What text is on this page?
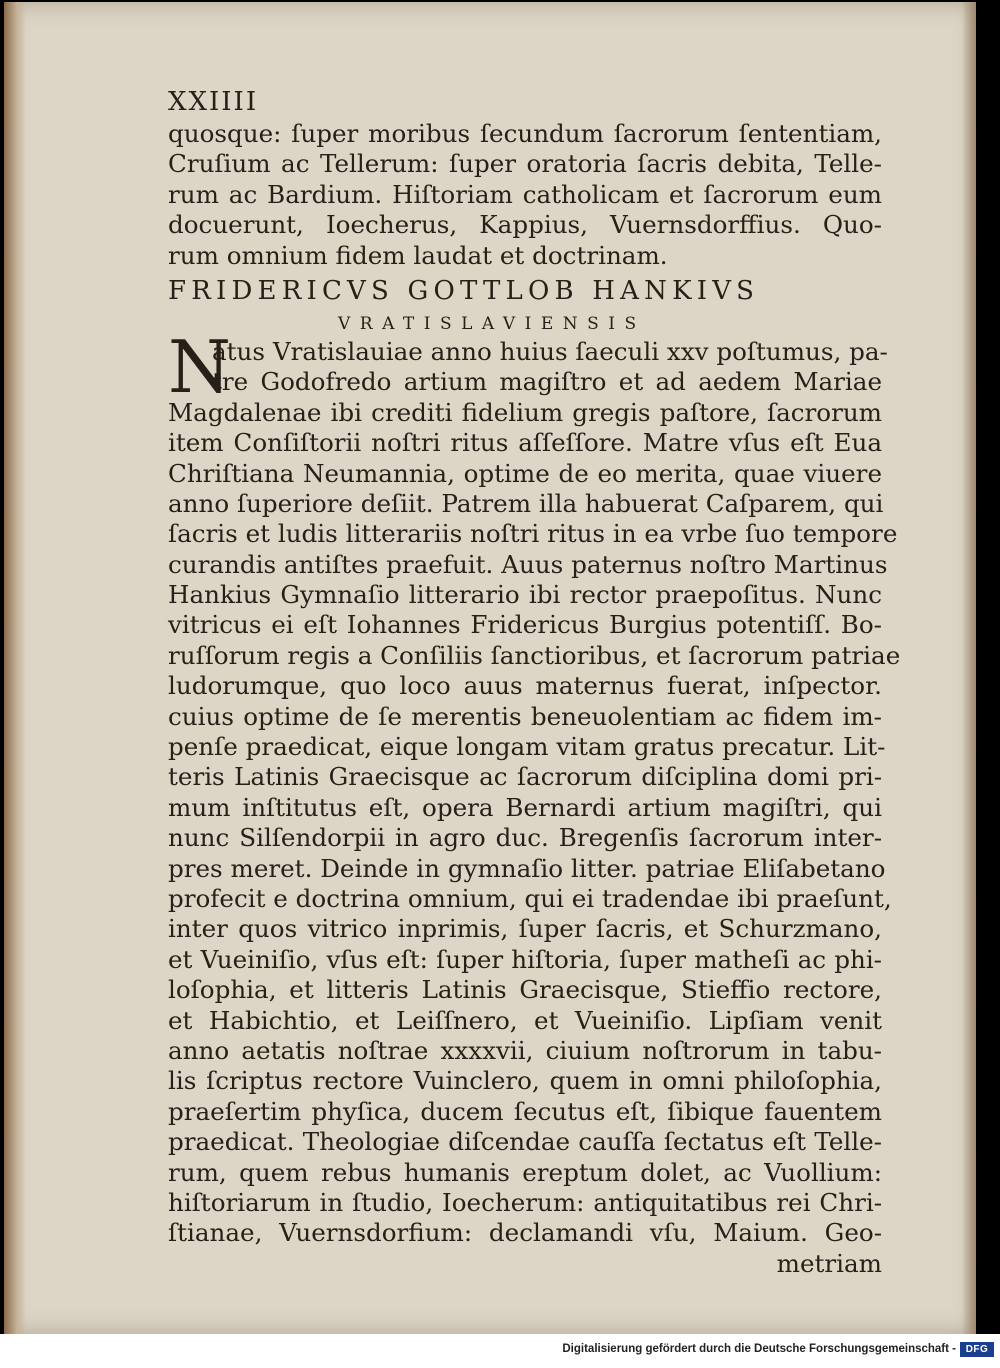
XXIIII
quosque: ſuper moribus ſecundum ſacrorum ſententiam,
Cruſium ac Tellerum: ſuper oratoria ſacris debita, Telle-
rum ac Bardium. Hiſtoriam catholicam et ſacrorum eum
docuerunt, Ioecherus, Kappius, Vuernsdorffius. Quo-
rum omnium fidem laudat et doctrinam.
FRIDERICVS GOTTLOB HANKIVS
VRATISLAVIENSIS
N
atus Vratislauiae anno huius ſaeculi xxv poſtumus, pa-
tre Godofredo artium magiſtro et ad aedem Mariae
Magdalenae ibi crediti fidelium gregis paſtore, ſacrorum
item Conſiſtorii noſtri ritus aſſeſſore. Matre vſus eſt Eua
Chriſtiana Neumannia, optime de eo merita, quae viuere
anno ſuperiore deſiit. Patrem illa habuerat Caſparem, qui
ſacris et ludis litterariis noſtri ritus in ea vrbe ſuo tempore
curandis antiſtes praefuit. Auus paternus noſtro Martinus
Hankius Gymnaſio litterario ibi rector praepoſitus. Nunc
vitricus ei eſt Iohannes Fridericus Burgius potentiſſ. Bo-
ruſſorum regis a Conſiliis ſanctioribus, et ſacrorum patriae
ludorumque, quo loco auus maternus fuerat, inſpector.
cuius optime de ſe merentis beneuolentiam ac fidem im-
penſe praedicat, eique longam vitam gratus precatur. Lit-
teris Latinis Graecisque ac ſacrorum diſciplina domi pri-
mum inſtitutus eſt, opera Bernardi artium magiſtri, qui
nunc Silſendorpii in agro duc. Bregenſis ſacrorum inter-
pres meret. Deinde in gymnaſio litter. patriae Eliſabetano
profecit e doctrina omnium, qui ei tradendae ibi praeſunt,
inter quos vitrico inprimis, ſuper ſacris, et Schurzmano,
et Vueiniſio, vſus eſt: ſuper hiſtoria, ſuper matheſi ac phi-
loſophia, et litteris Latinis Graecisque, Stieffio rectore,
et Habichtio, et Leiſſnero, et Vueiniſio. Lipſiam venit
anno aetatis noſtrae xxxxvii, ciuium noſtrorum in tabu-
lis ſcriptus rectore Vuinclero, quem in omni philoſophia,
praeſertim phyſica, ducem ſecutus eſt, ſibique fauentem
praedicat. Theologiae diſcendae cauſſa ſectatus eſt Telle-
rum, quem rebus humanis ereptum dolet, ac Vuollium:
hiſtoriarum in ſtudio, Ioecherum: antiquitatibus rei Chri-
ſtianae, Vuernsdorfium: declamandi vſu, Maium. Geo-
metriam
Digitalisierung gefördert durch die Deutsche Forschungsgemeinschaft - DFG
